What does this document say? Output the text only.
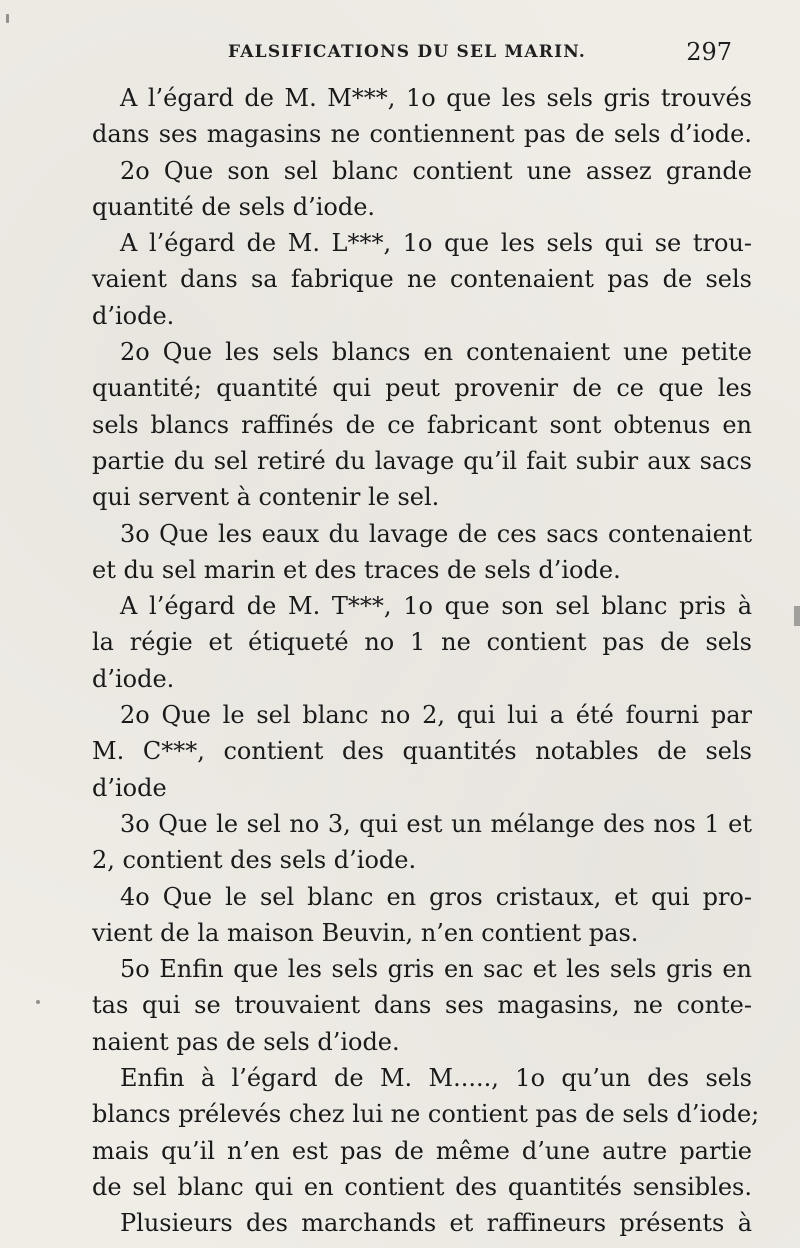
FALSIFICATIONS DU SEL MARIN.	297
A l’égard de M. M***, 1o que les sels gris trouvés
dans ses magasins ne contiennent pas de sels d’iode.
2o Que son sel blanc contient une assez grande
quantité de sels d’iode.
A l’égard de M. L***, 1o que les sels qui se trou-
vaient dans sa fabrique ne contenaient pas de sels
d’iode.
2o Que les sels blancs en contenaient une petite
quantité; quantité qui peut provenir de ce que les
sels blancs raffinés de ce fabricant sont obtenus en
partie du sel retiré du lavage qu’il fait subir aux sacs
qui servent à contenir le sel.
3o Que les eaux du lavage de ces sacs contenaient
et du sel marin et des traces de sels d’iode.
A l’égard de M. T***, 1o que son sel blanc pris à
la régie et étiqueté no 1 ne contient pas de sels
d’iode.
2o Que le sel blanc no 2, qui lui a été fourni par
M. C***, contient des quantités notables de sels
d’iode
3o Que le sel no 3, qui est un mélange des nos 1 et
2, contient des sels d’iode.
4o Que le sel blanc en gros cristaux, et qui pro-
vient de la maison Beuvin, n’en contient pas.
5o Enfin que les sels gris en sac et les sels gris en
tas qui se trouvaient dans ses magasins, ne conte-
naient pas de sels d’iode.
Enfin à l’égard de M. M....., 1o qu’un des sels
blancs prélevés chez lui ne contient pas de sels d’iode;
mais qu’il n’en est pas de même d’une autre partie
de sel blanc qui en contient des quantités sensibles.
Plusieurs des marchands et raffineurs présents à
